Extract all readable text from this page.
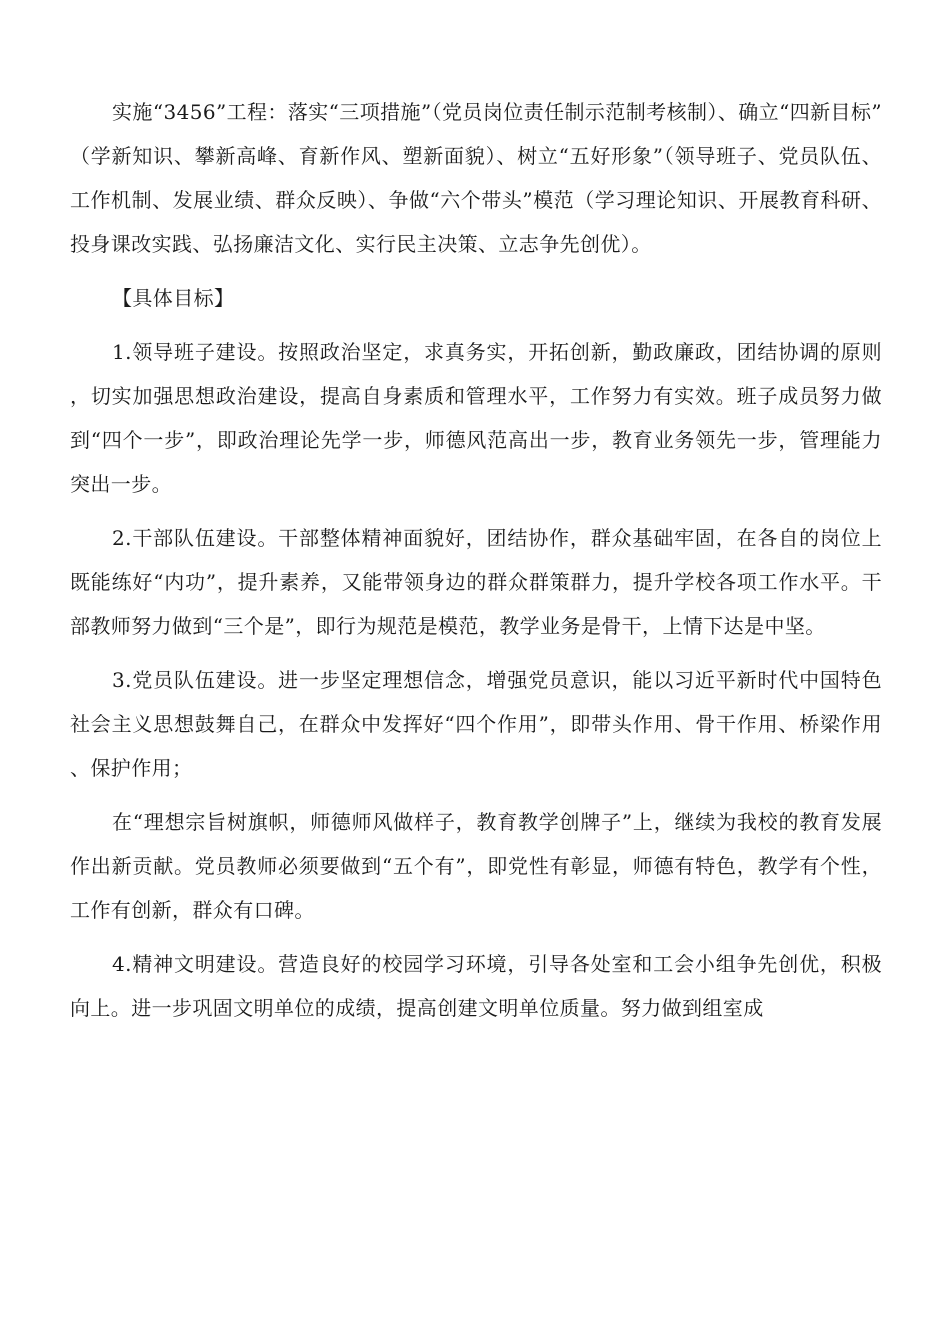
实施“3456”工程：落实“三项措施”（党员岗位责任制示范制考核制）、确立“四新目标”（学新知识、攀新高峰、育新作风、塑新面貌）、树立“五好形象”（领导班子、党员队伍、工作机制、发展业绩、群众反映）、争做“六个带头”模范（学习理论知识、开展教育科研、投身课改实践、弘扬廉洁文化、实行民主决策、立志争先创优）。

【具体目标】

1.领导班子建设。按照政治坚定，求真务实，开拓创新，勤政廉政，团结协调的原则，切实加强思想政治建设，提高自身素质和管理水平，工作努力有实效。班子成员努力做到“四个一步”，即政治理论先学一步，师德风范高出一步，教育业务领先一步，管理能力突出一步。

2.干部队伍建设。干部整体精神面貌好，团结协作，群众基础牢固，在各自的岗位上既能练好“内功”，提升素养，又能带领身边的群众群策群力，提升学校各项工作水平。干部教师努力做到“三个是”，即行为规范是模范，教学业务是骨干，上情下达是中坚。

3.党员队伍建设。进一步坚定理想信念，增强党员意识，能以习近平新时代中国特色社会主义思想鼓舞自己，在群众中发挥好“四个作用”，即带头作用、骨干作用、桥梁作用、保护作用；

在“理想宗旨树旗帜，师德师风做样子，教育教学创牌子”上，继续为我校的教育发展作出新贡献。党员教师必须要做到“五个有”，即党性有彰显，师德有特色，教学有个性，工作有创新，群众有口碑。

4.精神文明建设。营造良好的校园学习环境，引导各处室和工会小组争先创优，积极向上。进一步巩固文明单位的成绩，提高创建文明单位质量。努力做到组室成
